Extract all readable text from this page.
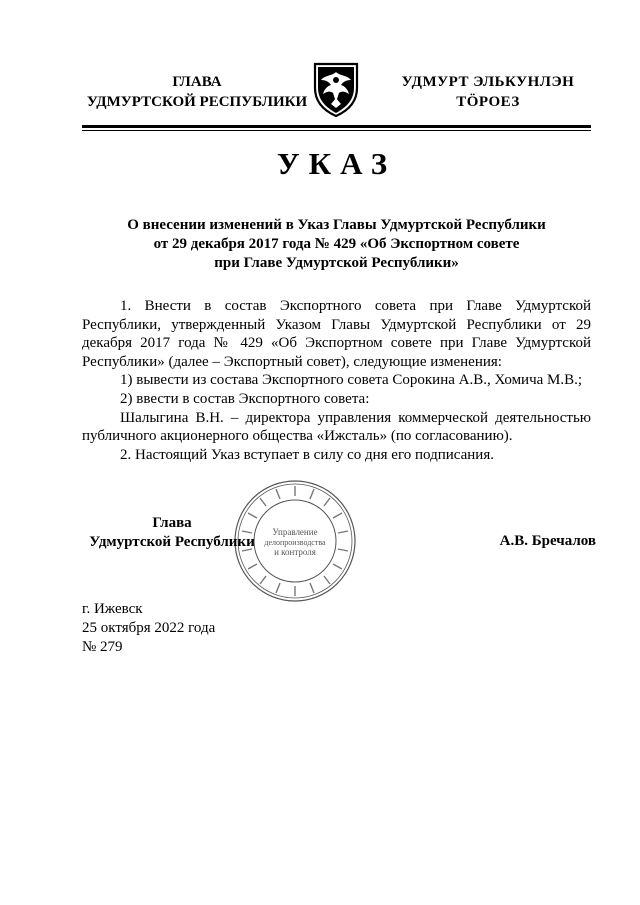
ГЛАВА
УДМУРТСКОЙ РЕСПУБЛИКИ
УДМУРТ ЭЛЬКУНЛЭН
ТӦРОЕЗ
УКАЗ
О внесении изменений в Указ Главы Удмуртской Республики
от 29 декабря 2017 года № 429 «Об Экспортном совете
при Главе Удмуртской Республики»

1. Внести в состав Экспортного совета при Главе Удмуртской Республики, утвержденный Указом Главы Удмуртской Республики от 29 декабря 2017 года № 429 «Об Экспортном совете при Главе Удмуртской Республики» (далее – Экспортный совет), следующие изменения:

1) вывести из состава Экспортного совета Сорокина А.В., Хомича М.В.;

2) ввести в состав Экспортного совета:

Шалыгина В.Н. – директора управления коммерческой деятельностью публичного акционерного общества «Ижсталь» (по согласованию).

2. Настоящий Указ вступает в силу со дня его подписания.

Управление
делопроизводства
и контроля
Глава
Удмуртской Республики	А.В. Бречалов
г. Ижевск
25 октября 2022 года
№ 279
